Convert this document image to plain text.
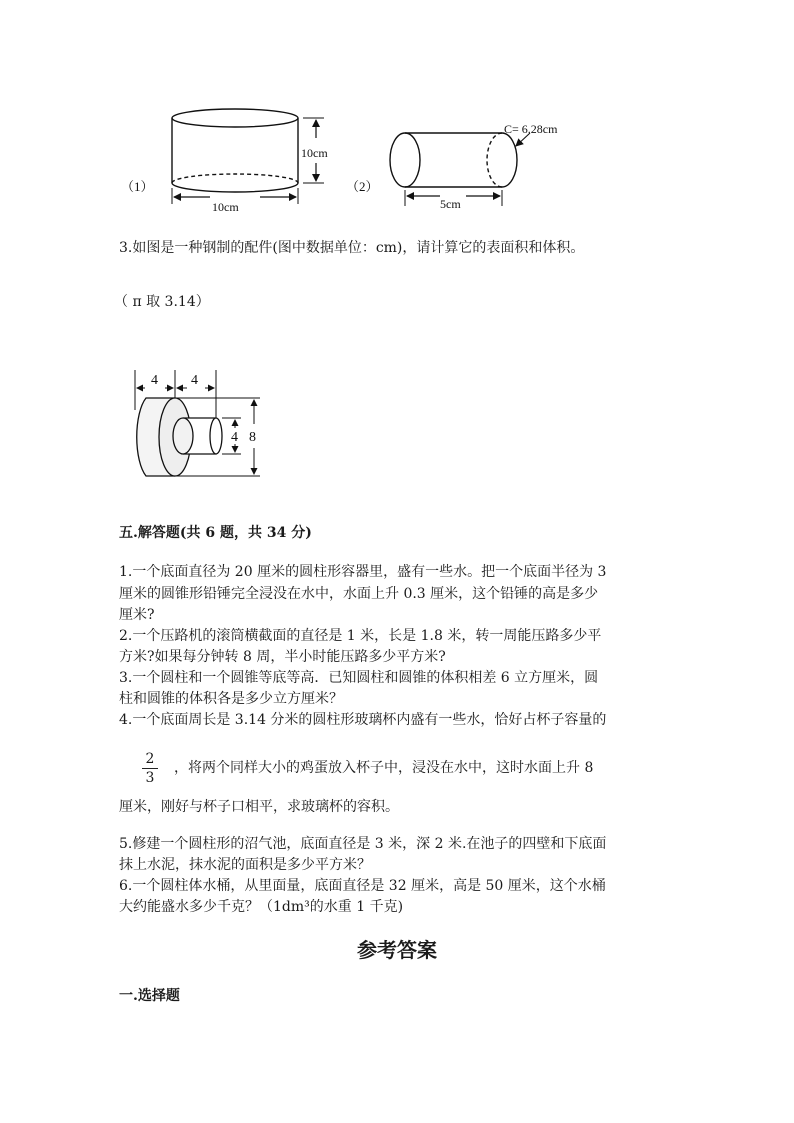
（1）
10cm
10cm
（2）
C= 6.28cm
5cm
3.如图是一种钢制的配件(图中数据单位：cm)，请计算它的表面积和体积。
（ π 取 3.14）
4 4
4 8
五.解答题(共 6 题，共 34 分)
1.一个底面直径为 20 厘米的圆柱形容器里，盛有一些水。把一个底面半径为 3
厘米的圆锥形铅锤完全浸没在水中，水面上升 0.3 厘米，这个铅锤的高是多少
厘米?
2.一个压路机的滚筒横截面的直径是 1 米，长是 1.8 米，转一周能压路多少平
方米?如果每分钟转 8 周，半小时能压路多少平方米?
3.一个圆柱和一个圆锥等底等高．已知圆柱和圆锥的体积相差 6 立方厘米，圆
柱和圆锥的体积各是多少立方厘米？
4.一个底面周长是 3.14 分米的圆柱形玻璃杯内盛有一些水，恰好占杯子容量的
2
3
，将两个同样大小的鸡蛋放入杯子中，浸没在水中，这时水面上升 8
厘米，刚好与杯子口相平，求玻璃杯的容积。
5.修建一个圆柱形的沼气池，底面直径是 3 米，深 2 米.在池子的四壁和下底面
抹上水泥，抹水泥的面积是多少平方米？
6.一个圆柱体水桶，从里面量，底面直径是 32 厘米，高是 50 厘米，这个水桶
大约能盛水多少千克？（1dm³的水重 1 千克)
参考答案
一.选择题
